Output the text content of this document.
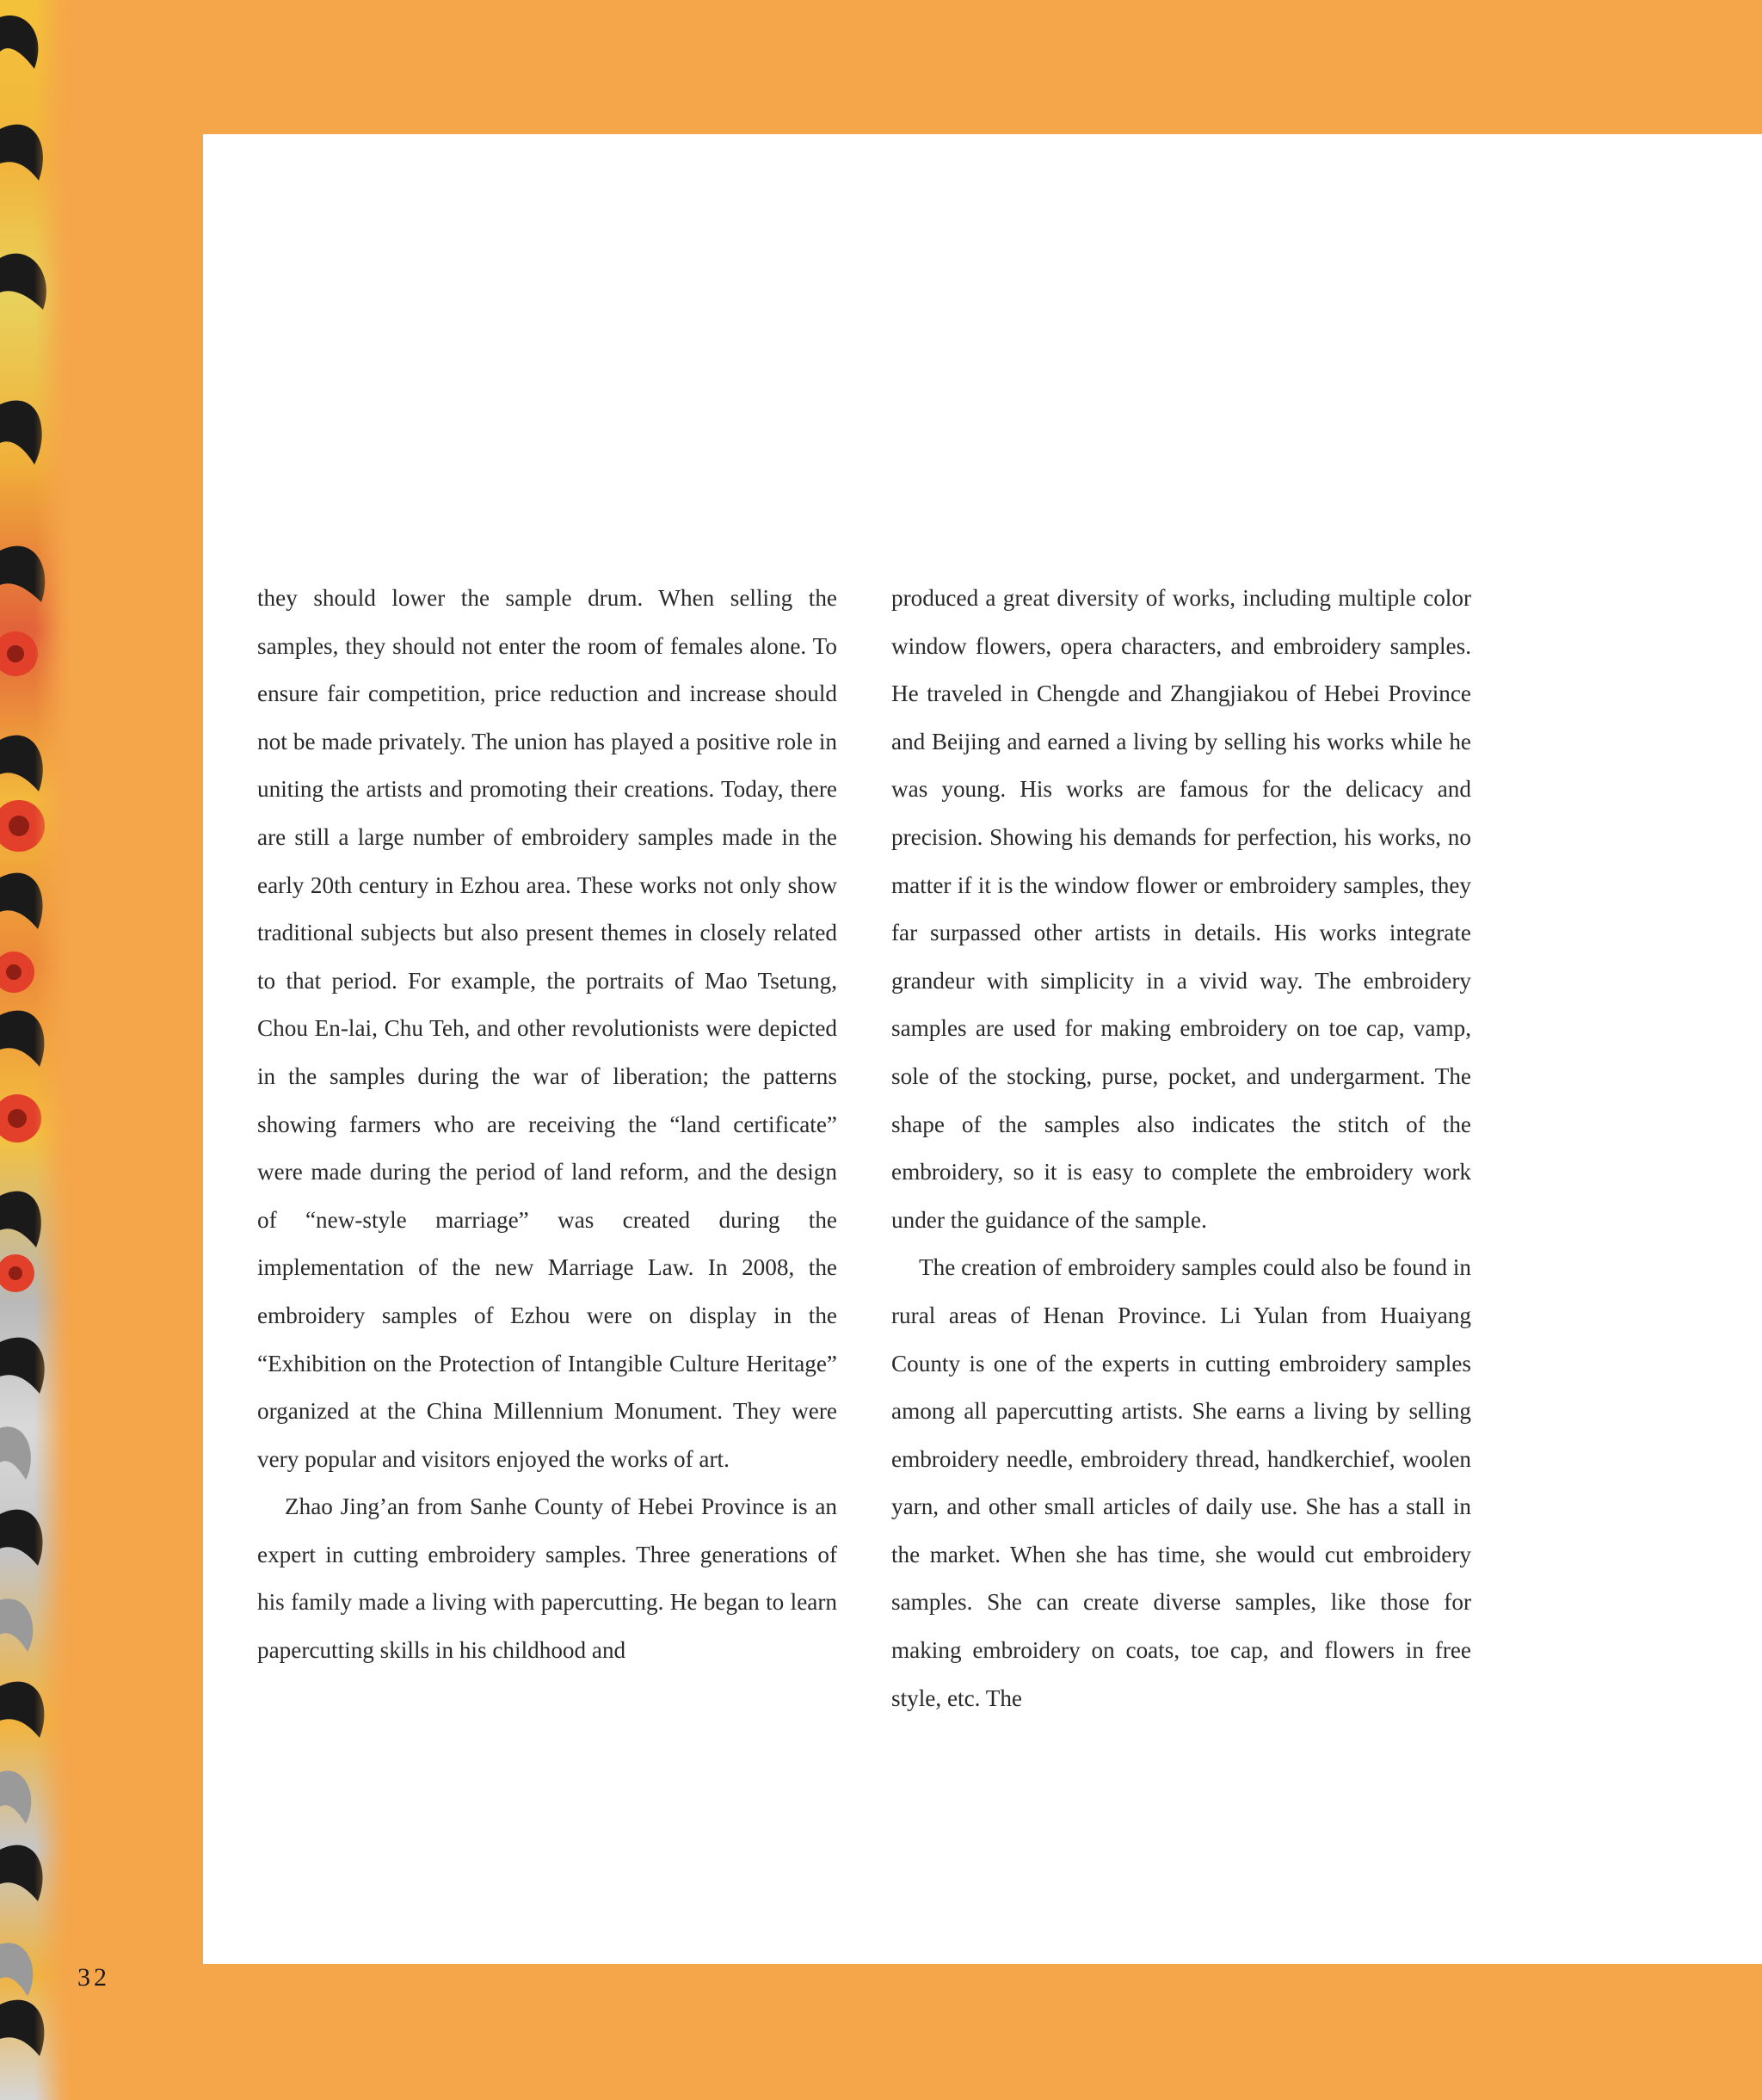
they should lower the sample drum. When selling the samples, they should not enter the room of females alone. To ensure fair competition, price reduction and increase should not be made privately. The union has played a positive role in uniting the artists and promoting their creations. Today, there are still a large number of embroidery samples made in the early 20th century in Ezhou area. These works not only show traditional subjects but also present themes in closely related to that period. For example, the portraits of Mao Tsetung, Chou En-lai, Chu Teh, and other revolutionists were depicted in the samples during the war of liberation; the patterns showing farmers who are receiving the “land certificate” were made during the period of land reform, and the design of “new-style marriage” was created during the implementation of the new Marriage Law. In 2008, the embroidery samples of Ezhou were on display in the “Exhibition on the Protection of Intangible Culture Heritage” organized at the China Millennium Monument. They were very popular and visitors enjoyed the works of art.

Zhao Jing’an from Sanhe County of Hebei Province is an expert in cutting embroidery samples. Three generations of his family made a living with papercutting. He began to learn papercutting skills in his childhood and

produced a great diversity of works, including multiple color window flowers, opera characters, and embroidery samples. He traveled in Chengde and Zhangjiakou of Hebei Province and Beijing and earned a living by selling his works while he was young. His works are famous for the delicacy and precision. Showing his demands for perfection, his works, no matter if it is the window flower or embroidery samples, they far surpassed other artists in details. His works integrate grandeur with simplicity in a vivid way. The embroidery samples are used for making embroidery on toe cap, vamp, sole of the stocking, purse, pocket, and undergarment. The shape of the samples also indicates the stitch of the embroidery, so it is easy to complete the embroidery work under the guidance of the sample.

The creation of embroidery samples could also be found in rural areas of Henan Province. Li Yulan from Huaiyang County is one of the experts in cutting embroidery samples among all papercutting artists. She earns a living by selling embroidery needle, embroidery thread, handkerchief, woolen yarn, and other small articles of daily use. She has a stall in the market. When she has time, she would cut embroidery samples. She can create diverse samples, like those for making embroidery on coats, toe cap, and flowers in free style, etc. The

32
